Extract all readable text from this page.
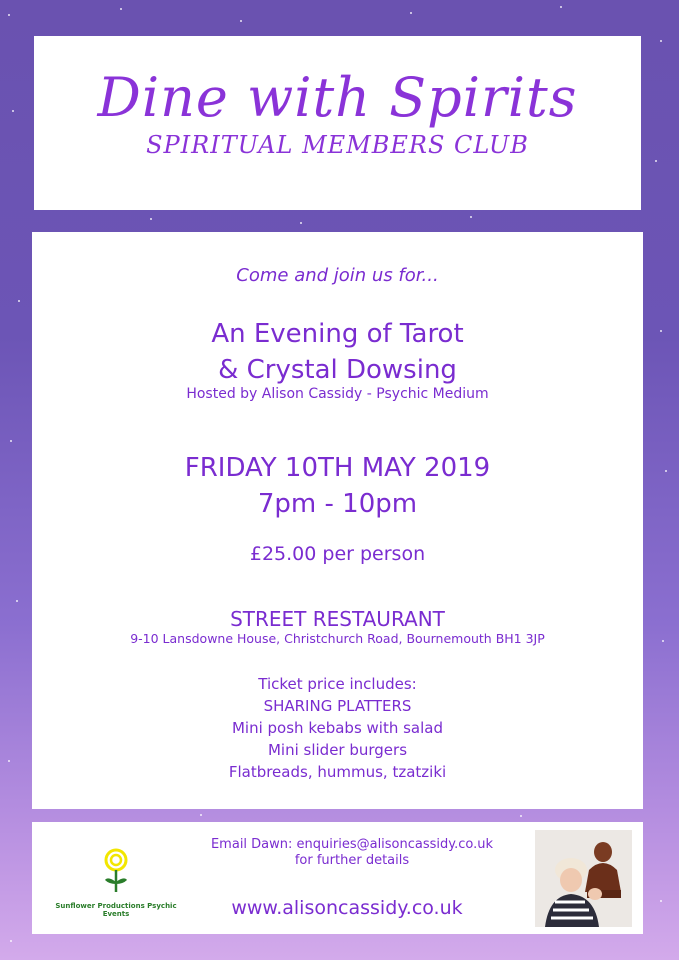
Dine with Spirits
SPIRITUAL MEMBERS CLUB
Come and join us for...
An Evening of Tarot
& Crystal Dowsing
Hosted by Alison Cassidy - Psychic Medium
FRIDAY 10TH MAY 2019
7pm - 10pm
£25.00 per person
STREET RESTAURANT
9-10 Lansdowne House, Christchurch Road, Bournemouth BH1 3JP
Ticket price includes:
SHARING PLATTERS
Mini posh kebabs with salad
Mini slider burgers
Flatbreads, hummus, tzatziki
Sunflower Productions Psychic Events
Email Dawn: enquiries@alisoncassidy.co.uk
for further details
www.alisoncassidy.co.uk
